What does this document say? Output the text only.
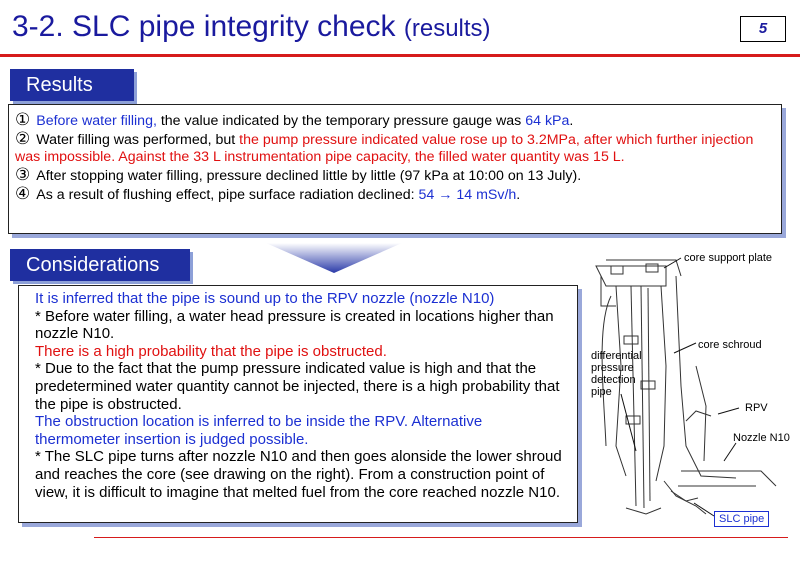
3-2. SLC pipe integrity check (results)	5
Results
① Before water filling, the value indicated by the temporary pressure gauge was 64 kPa.
② Water filling was performed, but the pump pressure indicated value rose up to 3.2MPa, after which further injection was impossible. Against the 33 L instrumentation pipe capacity, the filled water quantity was 15 L.
③ After stopping water filling, pressure declined little by little (97 kPa at 10:00 on 13 July).
④ As a result of flushing effect, pipe surface radiation declined: 54 → 14 mSv/h.
Considerations
It is inferred that the pipe is sound up to the RPV nozzle (nozzle N10)
* Before water filling, a water head pressure is created in locations higher than nozzle N10.
There is a high probability that the pipe is obstructed.
* Due to the fact that the pump pressure indicated value is high and that the predetermined water quantity cannot be injected, there is a high probability that the pipe is obstructed.
The obstruction location is inferred to be inside the RPV. Alternative thermometer insertion is judged possible.
* The SLC pipe turns after nozzle N10 and then goes alonside the lower shroud and reaches the core (see drawing on the right). From a construction point of view, it is difficult to imagine that melted fuel from the core reached nozzle N10.
core support plate
core schroud
differential
pressure
detection
pipe
RPV
Nozzle N10
SLC pipe
